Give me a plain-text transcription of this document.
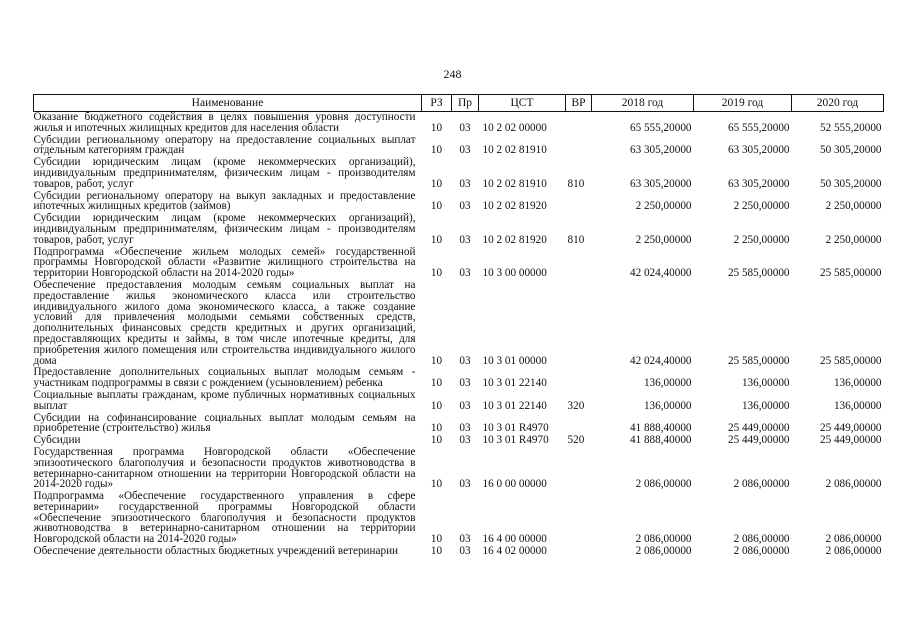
248
Наименование	РЗ	Пр	ЦСТ	ВР	2018 год	2019 год	2020 год
Оказание бюджетного содействия в целях повышения уровня доступности жилья и ипотечных жилищных кредитов для населения области	10	03	10 2 02 00000		65 555,20000	65 555,20000	52 555,20000
Субсидии региональному оператору на предоставление социальных выплат отдельным категориям граждан	10	03	10 2 02 81910		63 305,20000	63 305,20000	50 305,20000
Субсидии юридическим лицам (кроме некоммерческих организаций), индивидуальным предпринимателям, физическим лицам - производителям товаров, работ, услуг	10	03	10 2 02 81910	810	63 305,20000	63 305,20000	50 305,20000
Субсидии региональному оператору на выкуп закладных и предоставление ипотечных жилищных кредитов (займов)	10	03	10 2 02 81920		2 250,00000	2 250,00000	2 250,00000
Субсидии юридическим лицам (кроме некоммерческих организаций), индивидуальным предпринимателям, физическим лицам - производителям товаров, работ, услуг	10	03	10 2 02 81920	810	2 250,00000	2 250,00000	2 250,00000
Подпрограмма «Обеспечение жильем молодых семей» государственной программы Новгородской области «Развитие жилищного строительства на территории Новгородской области на 2014-2020 годы»	10	03	10 3 00 00000		42 024,40000	25 585,00000	25 585,00000
Обеспечение предоставления молодым семьям социальных выплат на предоставление жилья экономического класса или строительство индивидуального жилого дома экономического класса, а также создание условий для привлечения молодыми семьями собственных средств, дополнительных финансовых средств кредитных и других организаций, предоставляющих кредиты и займы, в том числе ипотечные кредиты, для приобретения жилого помещения или строительства индивидуального жилого дома	10	03	10 3 01 00000		42 024,40000	25 585,00000	25 585,00000
Предоставление дополнительных социальных выплат молодым семьям - участникам подпрограммы в связи с рождением (усыновлением) ребенка	10	03	10 3 01 22140		136,00000	136,00000	136,00000
Социальные выплаты гражданам, кроме публичных нормативных социальных выплат	10	03	10 3 01 22140	320	136,00000	136,00000	136,00000
Субсидии на софинансирование социальных выплат молодым семьям на приобретение (строительство) жилья	10	03	10 3 01 R4970		41 888,40000	25 449,00000	25 449,00000
Субсидии	10	03	10 3 01 R4970	520	41 888,40000	25 449,00000	25 449,00000
Государственная программа Новгородской области «Обеспечение эпизоотического благополучия и безопасности продуктов животноводства в ветеринарно-санитарном отношении на территории Новгородской области на 2014-2020 годы»	10	03	16 0 00 00000		2 086,00000	2 086,00000	2 086,00000
Подпрограмма «Обеспечение государственного управления в сфере ветеринарии» государственной программы Новгородской области «Обеспечение эпизоотического благополучия и безопасности продуктов животноводства в ветеринарно-санитарном отношении на территории Новгородской области на 2014-2020 годы»	10	03	16 4 00 00000		2 086,00000	2 086,00000	2 086,00000
Обеспечение деятельности областных бюджетных учреждений ветеринарии	10	03	16 4 02 00000		2 086,00000	2 086,00000	2 086,00000
